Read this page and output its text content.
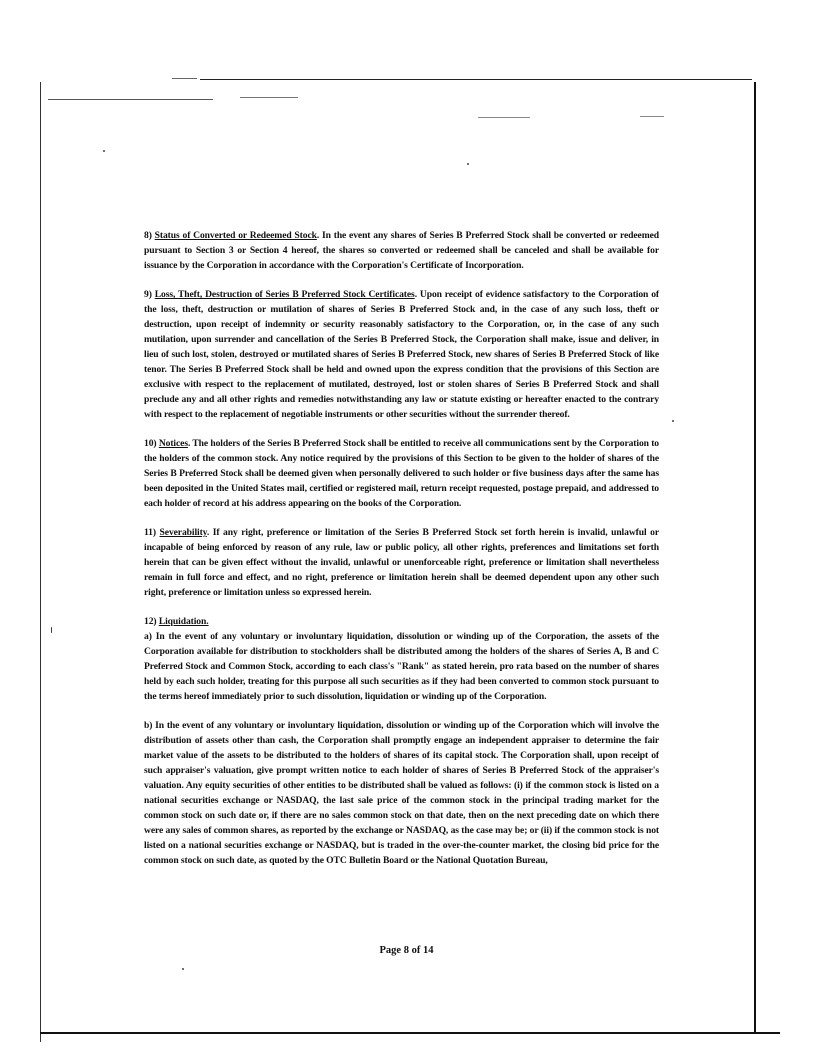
8) Status of Converted or Redeemed Stock. In the event any shares of Series B Preferred Stock shall be converted or redeemed pursuant to Section 3 or Section 4 hereof, the shares so converted or redeemed shall be canceled and shall be available for issuance by the Corporation in accordance with the Corporation's Certificate of Incorporation.

9) Loss, Theft, Destruction of Series B Preferred Stock Certificates. Upon receipt of evidence satisfactory to the Corporation of the loss, theft, destruction or mutilation of shares of Series B Preferred Stock and, in the case of any such loss, theft or destruction, upon receipt of indemnity or security reasonably satisfactory to the Corporation, or, in the case of any such mutilation, upon surrender and cancellation of the Series B Preferred Stock, the Corporation shall make, issue and deliver, in lieu of such lost, stolen, destroyed or mutilated shares of Series B Preferred Stock, new shares of Series B Preferred Stock of like tenor. The Series B Preferred Stock shall be held and owned upon the express condition that the provisions of this Section are exclusive with respect to the replacement of mutilated, destroyed, lost or stolen shares of Series B Preferred Stock and shall preclude any and all other rights and remedies notwithstanding any law or statute existing or hereafter enacted to the contrary with respect to the replacement of negotiable instruments or other securities without the surrender thereof.

10) Notices. The holders of the Series B Preferred Stock shall be entitled to receive all communications sent by the Corporation to the holders of the common stock. Any notice required by the provisions of this Section to be given to the holder of shares of the Series B Preferred Stock shall be deemed given when personally delivered to such holder or five business days after the same has been deposited in the United States mail, certified or registered mail, return receipt requested, postage prepaid, and addressed to each holder of record at his address appearing on the books of the Corporation.

11) Severability. If any right, preference or limitation of the Series B Preferred Stock set forth herein is invalid, unlawful or incapable of being enforced by reason of any rule, law or public policy, all other rights, preferences and limitations set forth herein that can be given effect without the invalid, unlawful or unenforceable right, preference or limitation shall nevertheless remain in full force and effect, and no right, preference or limitation herein shall be deemed dependent upon any other such right, preference or limitation unless so expressed herein.

12) Liquidation.
a) In the event of any voluntary or involuntary liquidation, dissolution or winding up of the Corporation, the assets of the Corporation available for distribution to stockholders shall be distributed among the holders of the shares of Series A, B and C Preferred Stock and Common Stock, according to each class's "Rank" as stated herein, pro rata based on the number of shares held by each such holder, treating for this purpose all such securities as if they had been converted to common stock pursuant to the terms hereof immediately prior to such dissolution, liquidation or winding up of the Corporation.

b) In the event of any voluntary or involuntary liquidation, dissolution or winding up of the Corporation which will involve the distribution of assets other than cash, the Corporation shall promptly engage an independent appraiser to determine the fair market value of the assets to be distributed to the holders of shares of its capital stock. The Corporation shall, upon receipt of such appraiser's valuation, give prompt written notice to each holder of shares of Series B Preferred Stock of the appraiser's valuation. Any equity securities of other entities to be distributed shall be valued as follows: (i) if the common stock is listed on a national securities exchange or NASDAQ, the last sale price of the common stock in the principal trading market for the common stock on such date or, if there are no sales common stock on that date, then on the next preceding date on which there were any sales of common shares, as reported by the exchange or NASDAQ, as the case may be; or (ii) if the common stock is not listed on a national securities exchange or NASDAQ, but is traded in the over-the-counter market, the closing bid price for the common stock on such date, as quoted by the OTC Bulletin Board or the National Quotation Bureau,

Page 8 of 14
